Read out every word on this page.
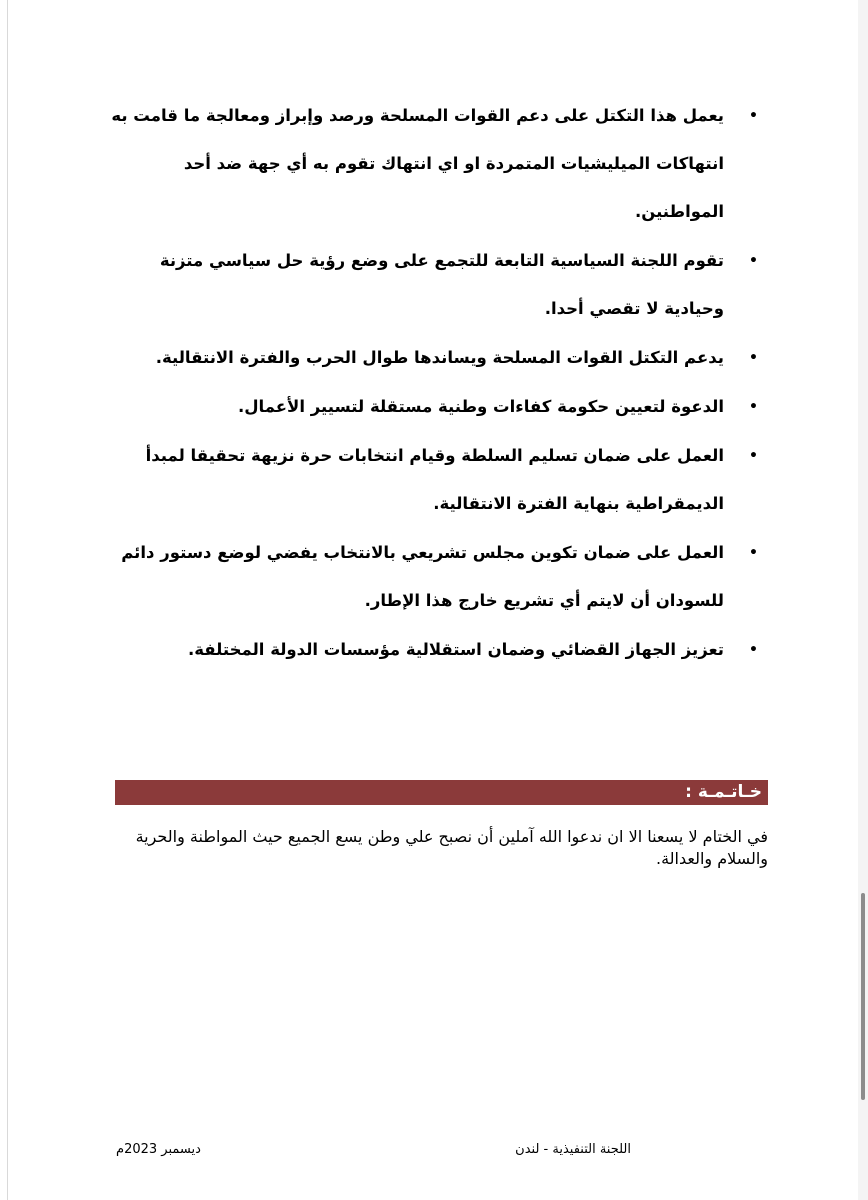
•
يعمل هذا التكتل على دعم القوات المسلحة ورصد وإبراز ومعالجة ما قامت به انتهاكات الميليشيات المتمردة او اي انتهاك تقوم به أي جهة ضد أحد المواطنين.
•
تقوم اللجنة السياسية التابعة للتجمع على وضع رؤية حل سياسي متزنة وحيادية لا تقصي أحدا.
•
يدعم التكتل القوات المسلحة ويساندها طوال الحرب والفترة الانتقالية.
•
الدعوة لتعيين حكومة كفاءات وطنية مستقلة لتسيير الأعمال.
•
العمل على ضمان تسليم السلطة وقيام انتخابات حرة نزيهة تحقيقا لمبدأ الديمقراطية بنهاية الفترة الانتقالية.
•
العمل على ضمان تكوين مجلس تشريعي بالانتخاب يفضي لوضع دستور دائم للسودان أن لايتم أي تشريع خارج هذا الإطار.
•
تعزيز الجهاز القضائي وضمان استقلالية مؤسسات الدولة المختلفة.
خـاتـمـة :

في الختام لا يسعنا الا ان ندعوا الله آملين أن نصبح علي وطن يسع الجميع حيث المواطنة والحرية والسلام والعدالة.

ديسمبر 2023م	اللجنة التنفيذية - لندن
